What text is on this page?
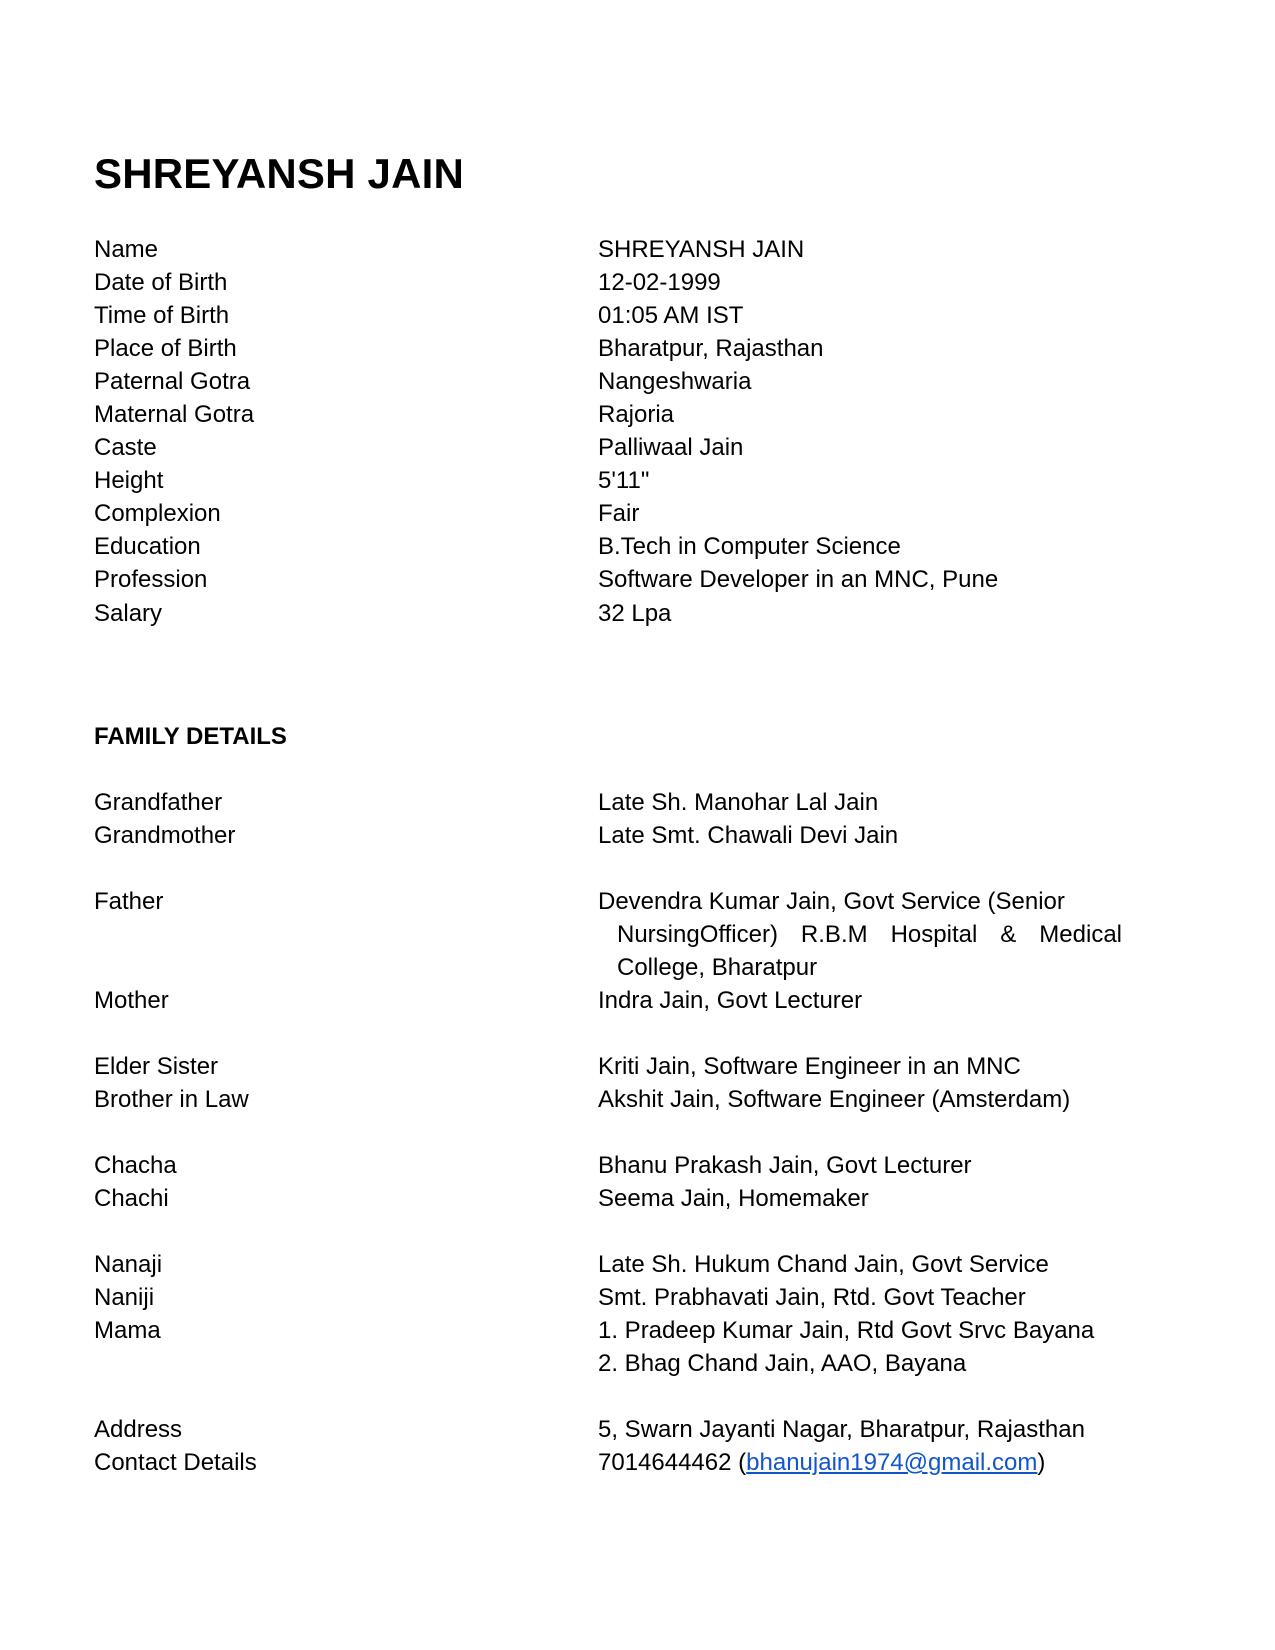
SHREYANSH JAIN
Name	SHREYANSH JAIN
Date of Birth	12-02-1999
Time of Birth	01:05 AM IST
Place of Birth	Bharatpur, Rajasthan
Paternal Gotra	Nangeshwaria
Maternal Gotra	Rajoria
Caste	Palliwaal Jain
Height	5'11"
Complexion	Fair
Education	B.Tech in Computer Science
Profession	Software Developer in an MNC, Pune
Salary	32 Lpa
FAMILY DETAILS
Grandfather	Late Sh. Manohar Lal Jain
Grandmother	Late Smt. Chawali Devi Jain
Father	Devendra Kumar Jain, Govt Service (Senior
NursingOfficer) R.B.M Hospital & Medical
College, Bharatpur
Mother	Indra Jain, Govt Lecturer
Elder Sister	Kriti Jain, Software Engineer in an MNC
Brother in Law	Akshit Jain, Software Engineer (Amsterdam)
Chacha	Bhanu Prakash Jain, Govt Lecturer
Chachi	Seema Jain, Homemaker
Nanaji	Late Sh. Hukum Chand Jain, Govt Service
Naniji	Smt. Prabhavati Jain, Rtd. Govt Teacher
Mama	1. Pradeep Kumar Jain, Rtd Govt Srvc Bayana
2. Bhag Chand Jain, AAO, Bayana
Address	5, Swarn Jayanti Nagar, Bharatpur, Rajasthan
Contact Details	7014644462 (bhanujain1974@gmail.com)
